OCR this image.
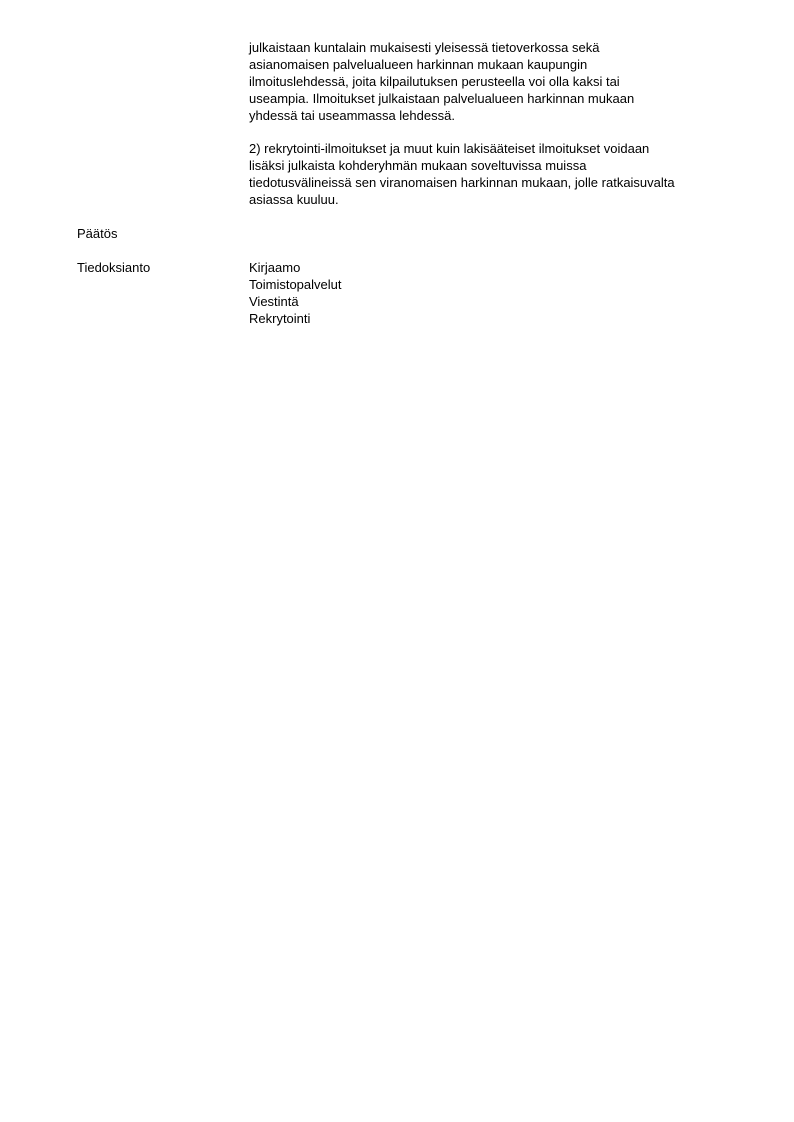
julkaistaan kuntalain mukaisesti yleisessä tietoverkossa sekä
asianomaisen palvelualueen harkinnan mukaan kaupungin
ilmoituslehdessä, joita kilpailutuksen perusteella voi olla kaksi tai
useampia. Ilmoitukset julkaistaan palvelualueen harkinnan mukaan
yhdessä tai useammassa lehdessä.
2) rekrytointi-ilmoitukset ja muut kuin lakisääteiset ilmoitukset voidaan
lisäksi julkaista kohderyhmän mukaan soveltuvissa muissa
tiedotusvälineissä sen viranomaisen harkinnan mukaan, jolle ratkaisuvalta
asiassa kuuluu.
Päätös
Tiedoksianto	Kirjaamo
Toimistopalvelut
Viestintä
Rekrytointi
